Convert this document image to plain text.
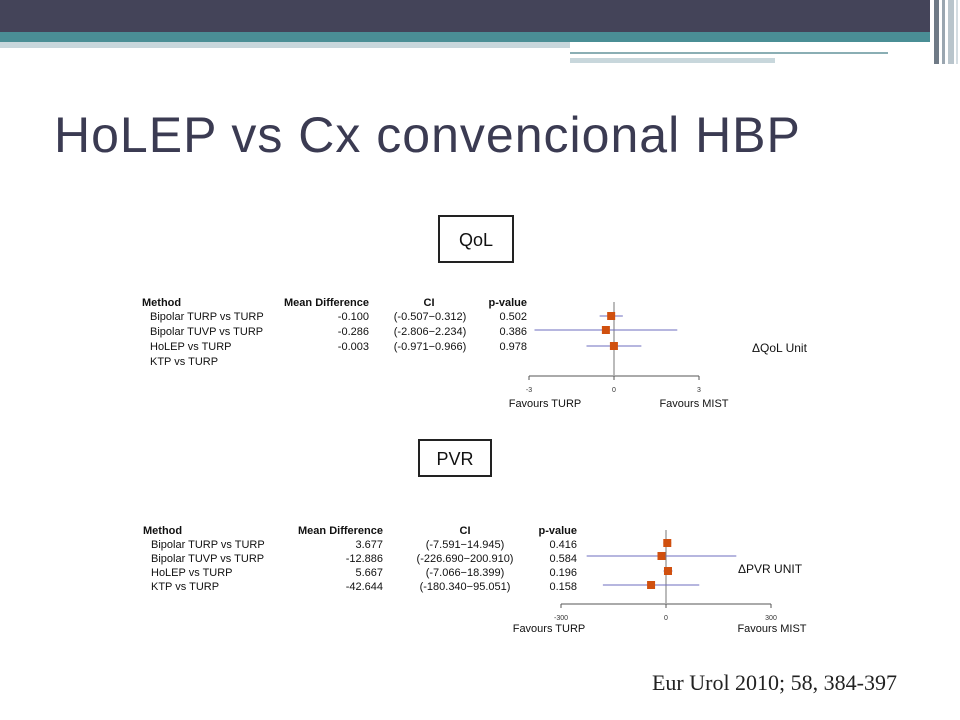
HoLEP vs Cx convencional HBP
QoL
Method	Mean Difference	CI	p-value
Bipolar TURP vs TURP	-0.100 (-0.507−0.312)	0.502
Bipolar TUVP vs TURP	-0.286 (-2.806−2.234)	0.386
HoLEP vs TURP	-0.003 (-0.971−0.966)	0.978
KTP vs TURP
-3	0	3
Favours TURP	Favours MIST
ΔQoL Unit
PVR
Method	Mean Difference	CI	p-value
Bipolar TURP vs TURP	3.677	(-7.591−14.945)	0.416
Bipolar TUVP vs TURP	-12.886	(-226.690−200.910)	0.584
HoLEP vs TURP	5.667	(-7.066−18.399)	0.196
KTP vs TURP	-42.644	(-180.340−95.051)	0.158
-300	0	300
Favours TURP	Favours MIST
ΔPVR UNIT
Eur Urol 2010; 58, 384-397
